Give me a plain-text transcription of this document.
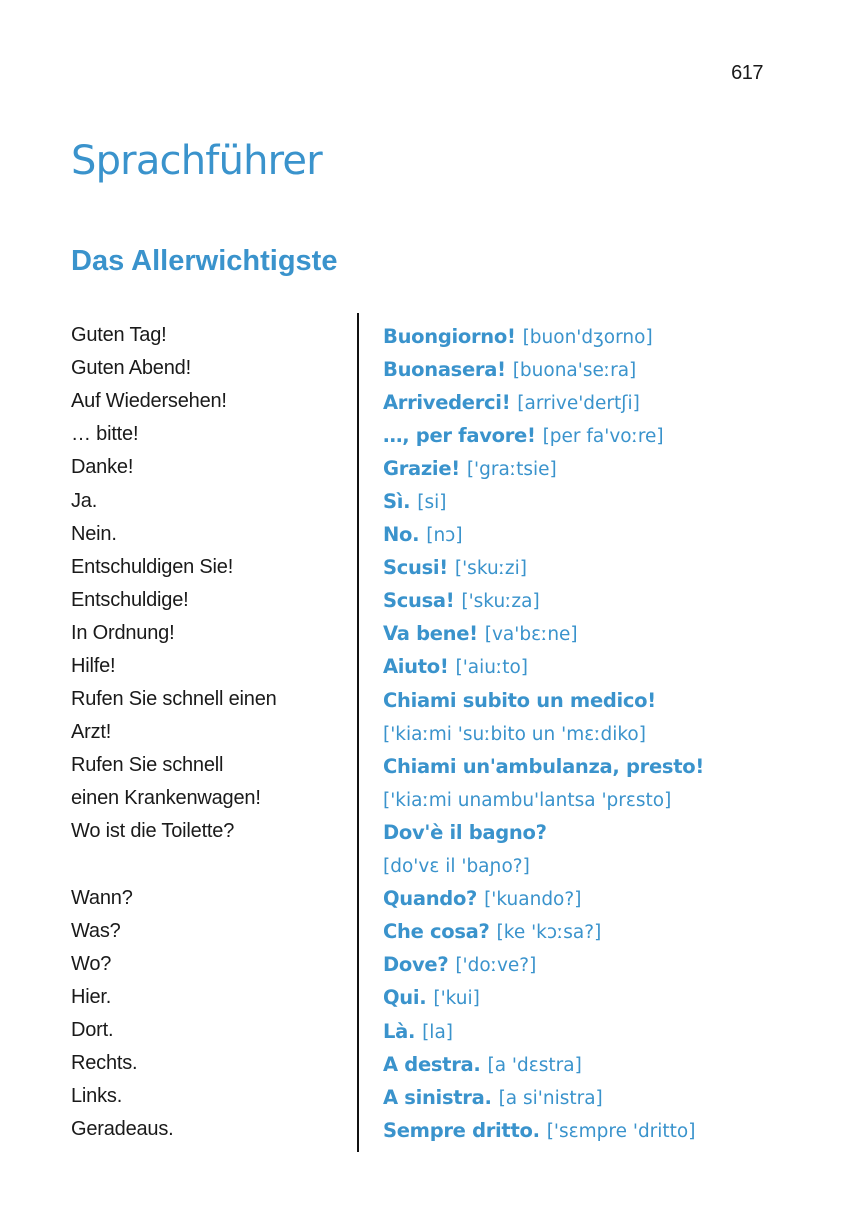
617
Sprachführer
Das Allerwichtigste
Guten Tag!	Buongiorno! [buon'dʒorno]
Guten Abend!	Buonasera! [buona'seːra]
Auf Wiedersehen!	Arrivederci! [arrive'dertʃi]
… bitte!	…, per favore! [per fa'voːre]
Danke!	Grazie! ['graːtsie]
Ja.	Sì. [si]
Nein.	No. [nɔ]
Entschuldigen Sie!	Scusi! ['skuːzi]
Entschuldige!	Scusa! ['skuːza]
In Ordnung!	Va bene! [va'bɛːne]
Hilfe!	Aiuto! ['aiuːto]
Rufen Sie schnell einen	Chiami subito un medico!
Arzt!	['kiaːmi 'suːbito un 'mɛːdiko]
Rufen Sie schnell	Chiami un'ambulanza, presto!
einen Krankenwagen!	['kiaːmi unambu'lantsa 'prɛsto]
Wo ist die Toilette?	Dov'è il bagno?
[do'vɛ il 'baɲo?]
Wann?	Quando? ['kuando?]
Was?	Che cosa? [ke 'kɔːsa?]
Wo?	Dove? ['doːve?]
Hier.	Qui. ['kui]
Dort.	Là. [la]
Rechts.	A destra. [a 'dɛstra]
Links.	A sinistra. [a si'nistra]
Geradeaus.	Sempre dritto. ['sɛmpre 'dritto]
